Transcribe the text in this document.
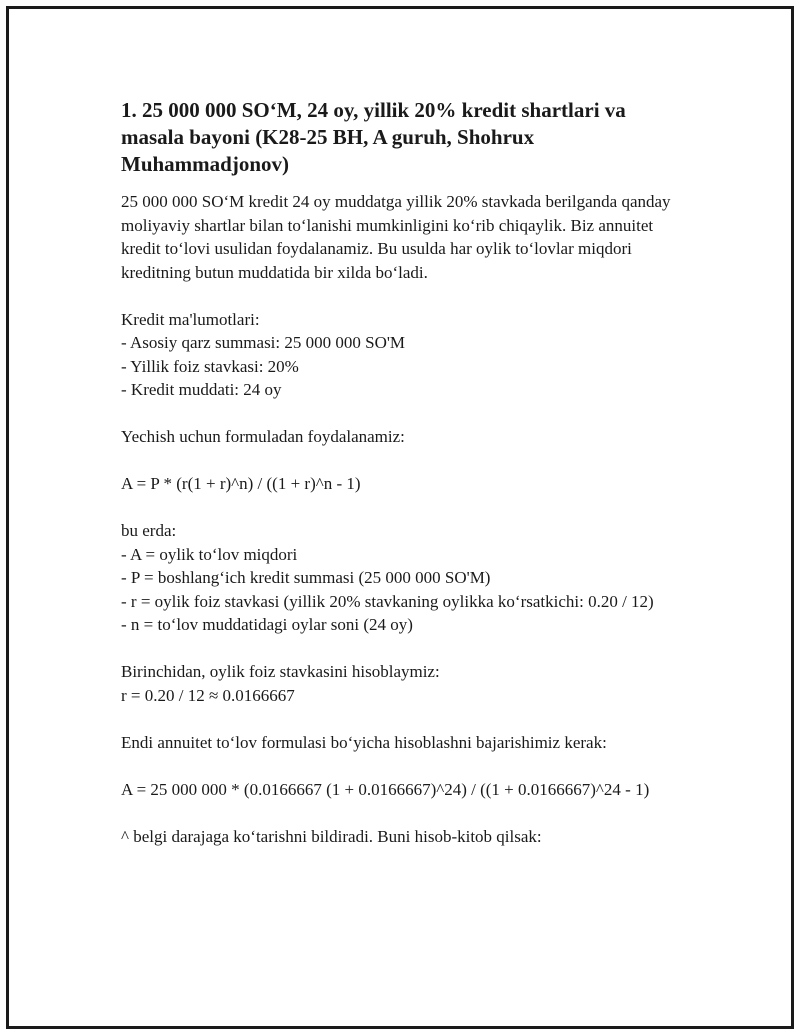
1. 25 000 000 SO‘M, 24 oy, yillik 20% kredit shartlari va masala bayoni (K28-25 BH, A guruh, Shohrux Muhammadjonov)

25 000 000 SO‘M kredit 24 oy muddatga yillik 20% stavkada berilganda qanday moliyaviy shartlar bilan to‘lanishi mumkinligini ko‘rib chiqaylik. Biz annuitet kredit to‘lovi usulidan foydalanamiz. Bu usulda har oylik to‘lovlar miqdori kreditning butun muddatida bir xilda bo‘ladi.

Kredit ma'lumotlari:
- Asosiy qarz summasi: 25 000 000 SO'M
- Yillik foiz stavkasi: 20%
- Kredit muddati: 24 oy

Yechish uchun formuladan foydalanamiz:

A = P * (r(1 + r)^n) / ((1 + r)^n - 1)

bu erda:
- A = oylik to‘lov miqdori
- P = boshlang‘ich kredit summasi (25 000 000 SO'M)
- r = oylik foiz stavkasi (yillik 20% stavkaning oylikka ko‘rsatkichi: 0.20 / 12)
- n = to‘lov muddatidagi oylar soni (24 oy)
Birinchidan, oylik foiz stavkasini hisoblaymiz:
r = 0.20 / 12 ≈ 0.0166667

Endi annuitet to‘lov formulasi bo‘yicha hisoblashni bajarishimiz kerak:

A = 25 000 000 * (0.0166667 (1 + 0.0166667)^24) / ((1 + 0.0166667)^24 - 1)

^ belgi darajaga ko‘tarishni bildiradi. Buni hisob-kitob qilsak:
